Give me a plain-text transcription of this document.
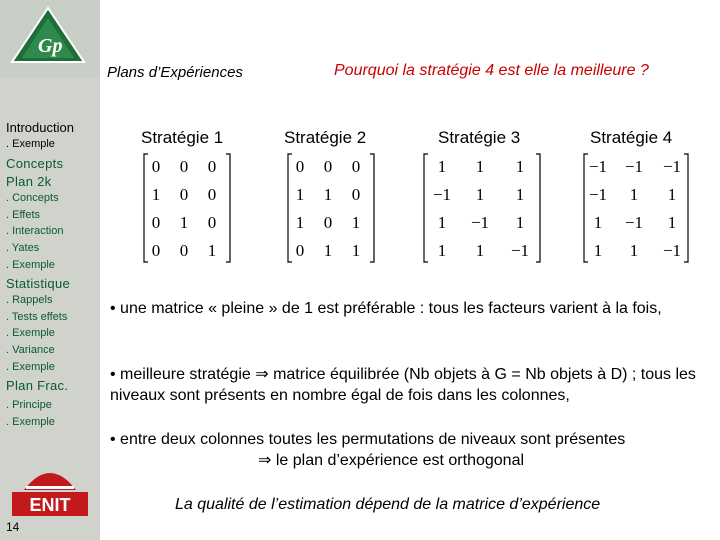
Gp
Plans d’Expériences	Pourquoi la stratégie 4 est elle la meilleure ?
Introduction
. Exemple
Concepts
Plan 2k
. Concepts
. Effets
. Interaction
. Yates
. Exemple
Statistique
. Rappels
. Tests effets
. Exemple
. Variance
. Exemple
Plan Frac.
. Principe
. Exemple
ENIT
14
Stratégie 1	Stratégie 2	Stratégie 3	Stratégie 4
0 0 0
1 0 0
0 1 0
0 0 1
0 0 0
1 1 0
1 0 1
0 1 1
1 1 1
−1 1 1
1 −1 1
1 1 −1
−1 −1 −1
−1 1 1
1 −1 1
1 1 −1
• une matrice « pleine » de 1 est préférable : tous les facteurs varient à la fois,
• meilleure stratégie ⇒ matrice équilibrée (Nb objets à G = Nb objets à D) ; tous les niveaux sont présents en nombre égal de fois dans les colonnes,
• entre deux colonnes toutes les permutations de niveaux sont présentes
⇒ le plan d’expérience est orthogonal
La qualité de l’estimation dépend de la matrice d’expérience
